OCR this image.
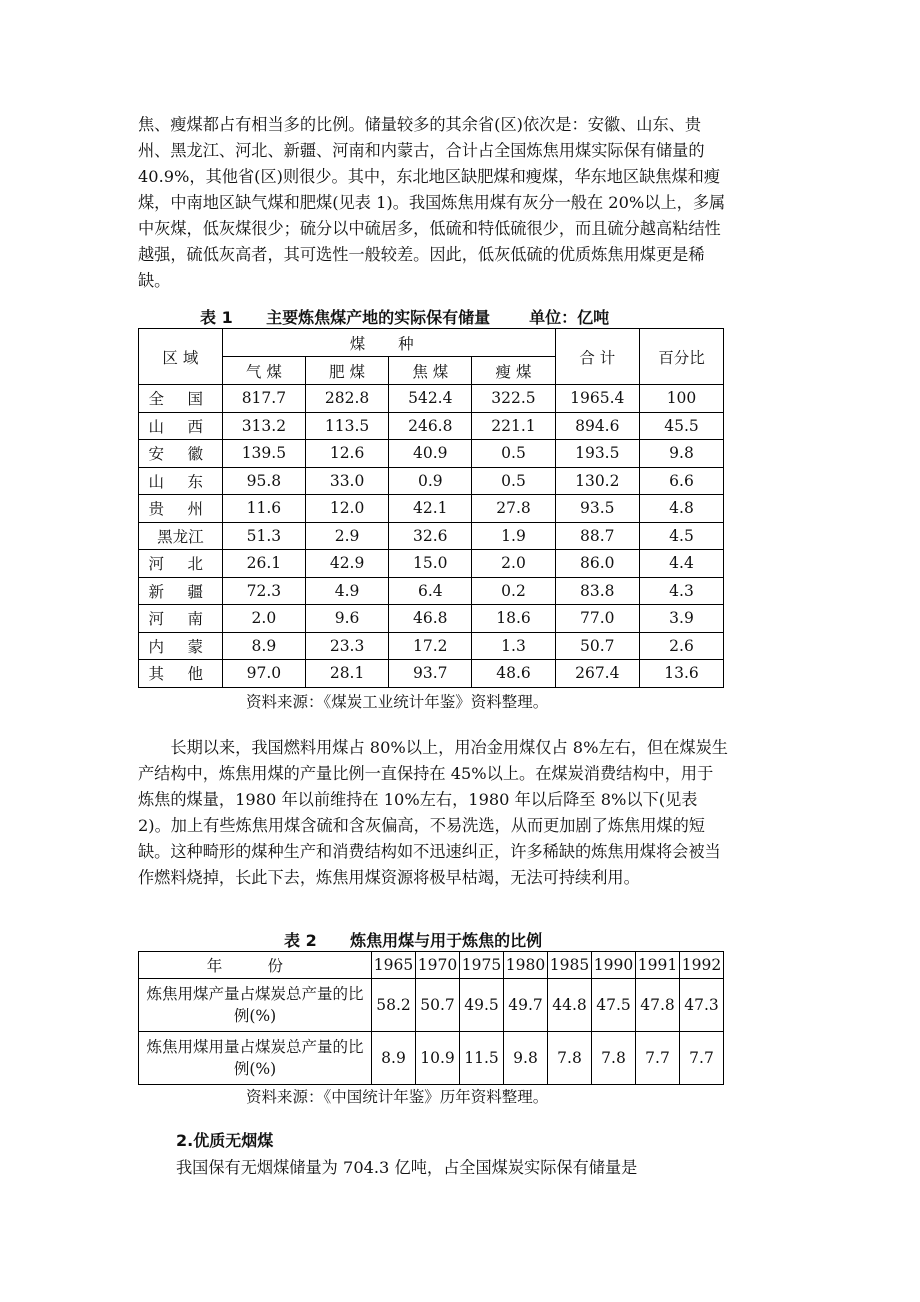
焦、瘦煤都占有相当多的比例。储量较多的其余省(区)依次是：安徽、山东、贵州、黑龙江、河北、新疆、河南和内蒙古，合计占全国炼焦用煤实际保有储量的 40.9%，其他省(区)则很少。其中，东北地区缺肥煤和瘦煤，华东地区缺焦煤和瘦煤，中南地区缺气煤和肥煤(见表 1)。我国炼焦用煤有灰分一般在 20%以上，多属中灰煤，低灰煤很少；硫分以中硫居多，低硫和特低硫很少，而且硫分越高粘结性越强，硫低灰高者，其可选性一般较差。因此，低灰低硫的优质炼焦用煤更是稀缺。

表 1      主要炼焦煤产地的实际保有储量       单位：亿吨
区 域	煤 种				合 计	百分比
	气 煤	肥 煤	焦 煤	瘦 煤		
全 国	817.7	282.8	542.4	322.5	1965.4	100
山 西	313.2	113.5	246.8	221.1	894.6	45.5
安 徽	139.5	12.6	40.9	0.5	193.5	9.8
山 东	95.8	33.0	0.9	0.5	130.2	6.6
贵 州	11.6	12.0	42.1	27.8	93.5	4.8
黑龙江	51.3	2.9	32.6	1.9	88.7	4.5
河 北	26.1	42.9	15.0	2.0	86.0	4.4
新 疆	72.3	4.9	6.4	0.2	83.8	4.3
河 南	2.0	9.6	46.8	18.6	77.0	3.9
内 蒙	8.9	23.3	17.2	1.3	50.7	2.6
其 他	97.0	28.1	93.7	48.6	267.4	13.6
资料来源：《煤炭工业统计年鉴》资料整理。

长期以来，我国燃料用煤占 80%以上，用冶金用煤仅占 8%左右，但在煤炭生产结构中，炼焦用煤的产量比例一直保持在 45%以上。在煤炭消费结构中，用于炼焦的煤量，1980 年以前维持在 10%左右，1980 年以后降至 8%以下(见表 2)。加上有些炼焦用煤含硫和含灰偏高，不易洗选，从而更加剧了炼焦用煤的短缺。这种畸形的煤种生产和消费结构如不迅速纠正，许多稀缺的炼焦用煤将会被当作燃料烧掉，长此下去，炼焦用煤资源将极早枯竭，无法可持续利用。

表 2      炼焦用煤与用于炼焦的比例
年 份	1965	1970	1975	1980	1985	1990	1991	1992
炼焦用煤产量占煤炭总产量的比例(%)	58.2	50.7	49.5	49.7	44.8	47.5	47.8	47.3
炼焦用煤用量占煤炭总产量的比例(%)	8.9	10.9	11.5	9.8	7.8	7.8	7.7	7.7
资料来源：《中国统计年鉴》历年资料整理。
2.优质无烟煤
我国保有无烟煤储量为 704.3 亿吨，占全国煤炭实际保有储量是
